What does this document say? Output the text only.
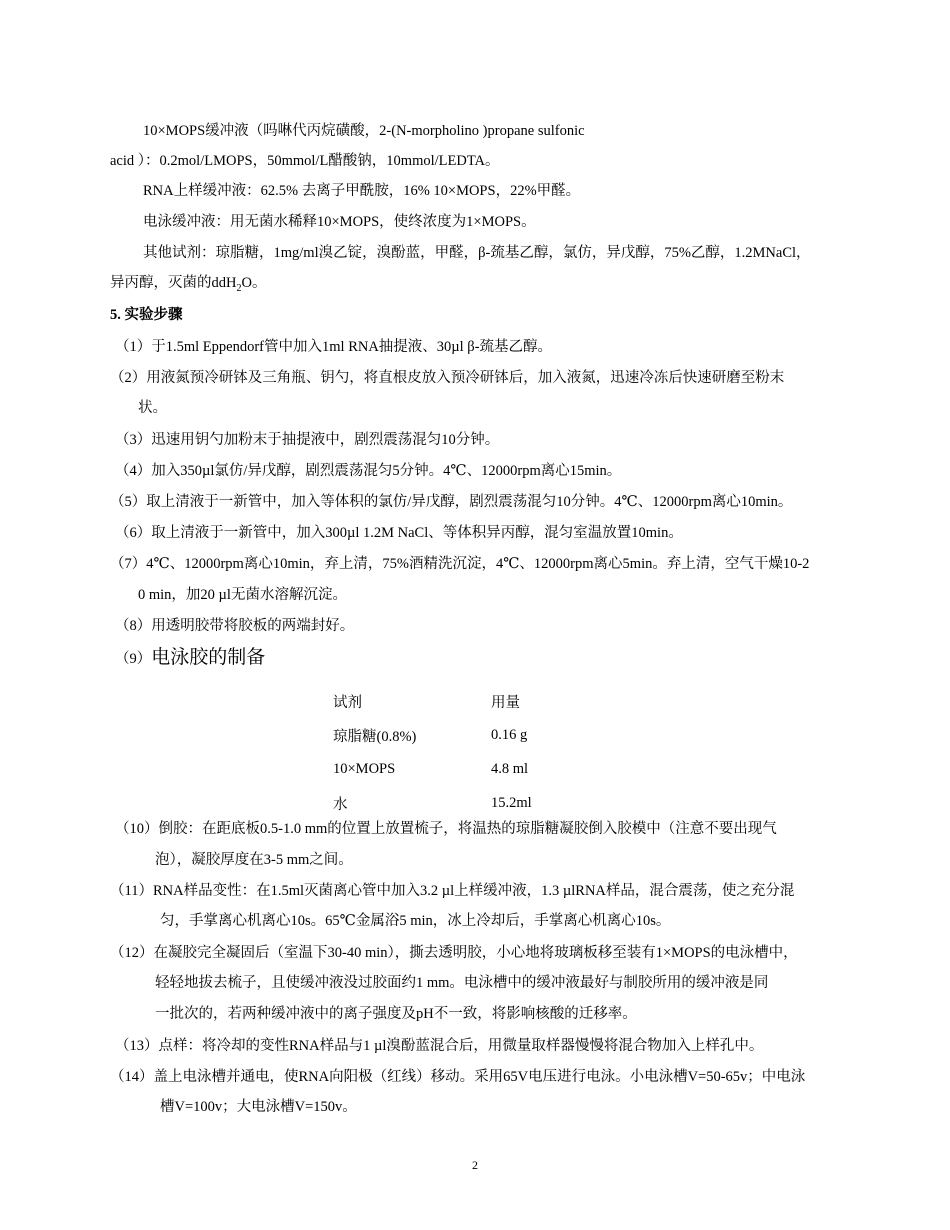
10×MOPS缓冲液（吗啉代丙烷磺酸，2-(N-morpholino )propane sulfonic
acid ）：0.2mol/LMOPS，50mmol/L醋酸钠，10mmol/LEDTA。
RNA上样缓冲液：62.5% 去离子甲酰胺，16% 10×MOPS，22%甲醛。
电泳缓冲液：用无菌水稀释10×MOPS，使终浓度为1×MOPS。
其他试剂：琼脂糖，1mg/ml溴乙锭，溴酚蓝，甲醛，β-巯基乙醇，氯仿，异戊醇，75%乙醇，1.2MNaCl，
异丙醇，灭菌的ddH$_2$O。
5. 实验步骤
（1）于1.5ml Eppendorf管中加入1ml RNA抽提液、30µl β-巯基乙醇。
（2）用液氮预冷研钵及三角瓶、钥勺，将直根皮放入预冷研钵后，加入液氮，迅速冷冻后快速研磨至粉末
状。
（3）迅速用钥勺加粉末于抽提液中，剧烈震荡混匀10分钟。
（4）加入350µl氯仿/异戊醇，剧烈震荡混匀5分钟。4℃、12000rpm离心15min。
（5）取上清液于一新管中，加入等体积的氯仿/异戊醇，剧烈震荡混匀10分钟。4℃、12000rpm离心10min。
（6）取上清液于一新管中，加入300µl 1.2M NaCl、等体积异丙醇，混匀室温放置10min。
（7）4℃、12000rpm离心10min，弃上清，75%酒精洗沉淀，4℃、12000rpm离心5min。弃上清，空气干燥10-2
0 min，加20 µl无菌水溶解沉淀。
（8）用透明胶带将胶板的两端封好。
（9）电泳胶的制备
试剂	用量
琼脂糖(0.8%)	0.16 g
10×MOPS	4.8 ml
水	15.2ml
（10）倒胶：在距底板0.5-1.0 mm的位置上放置梳子，将温热的琼脂糖凝胶倒入胶模中（注意不要出现气
泡），凝胶厚度在3-5 mm之间。
（11）RNA样品变性：在1.5ml灭菌离心管中加入3.2 µl上样缓冲液，1.3 µlRNA样品，混合震荡，使之充分混
匀，手掌离心机离心10s。65℃金属浴5 min，冰上冷却后，手掌离心机离心10s。
（12）在凝胶完全凝固后（室温下30-40 min），撕去透明胶，小心地将玻璃板移至装有1×MOPS的电泳槽中，
轻轻地拔去梳子，且使缓冲液没过胶面约1 mm。电泳槽中的缓冲液最好与制胶所用的缓冲液是同
一批次的，若两种缓冲液中的离子强度及pH不一致，将影响核酸的迁移率。
（13）点样：将冷却的变性RNA样品与1 µl溴酚蓝混合后，用微量取样器慢慢将混合物加入上样孔中。
（14）盖上电泳槽并通电，使RNA向阳极（红线）移动。采用65V电压进行电泳。小电泳槽V=50-65v；中电泳
槽V=100v；大电泳槽V=150v。
2
